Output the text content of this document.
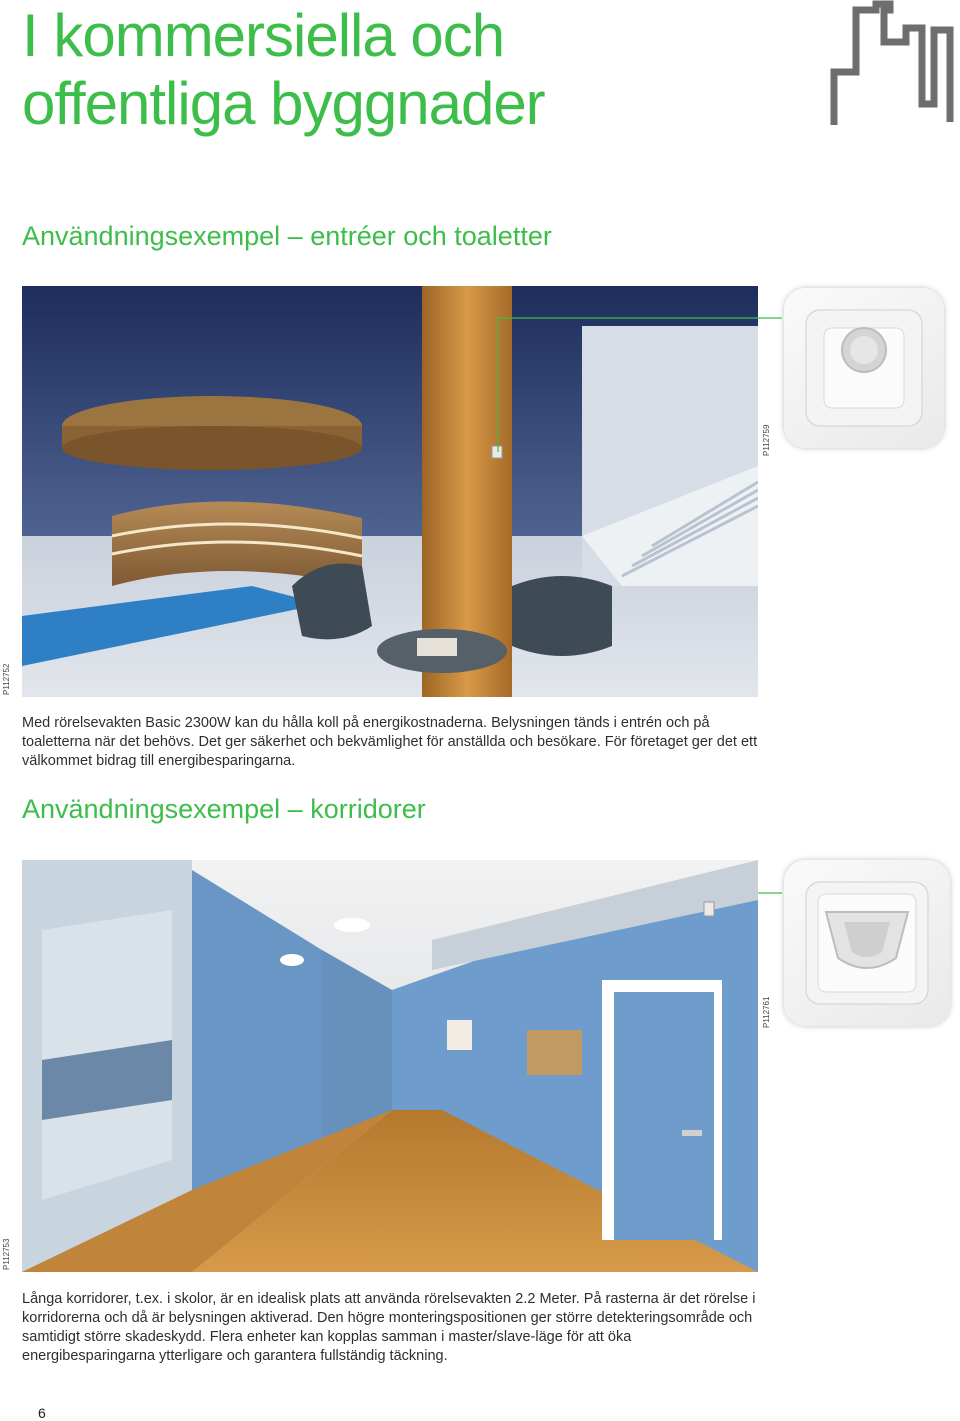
I kommersiella och
offentliga byggnader
Användningsexempel – entréer och toaletter
P112752
P112759
Med rörelsevakten Basic 2300W kan du hålla koll på energikostnaderna. Belysningen tänds i entrén och på toaletterna när det behövs. Det ger säkerhet och bekvämlighet för anställda och besökare. För företaget ger det ett välkommet bidrag till energibesparingarna.
Användningsexempel – korridorer
P112753
P112761
Långa korridorer, t.ex. i skolor, är en idealisk plats att använda rörelsevakten 2.2 Meter. På rasterna är det rörelse i korridorerna och då är belysningen aktiverad. Den högre monteringspositionen ger större detekteringsområde och samtidigt större skadeskydd. Flera enheter kan kopplas samman i master/slave-läge för att öka energibesparingarna ytterligare och garantera fullständig täckning.
6
